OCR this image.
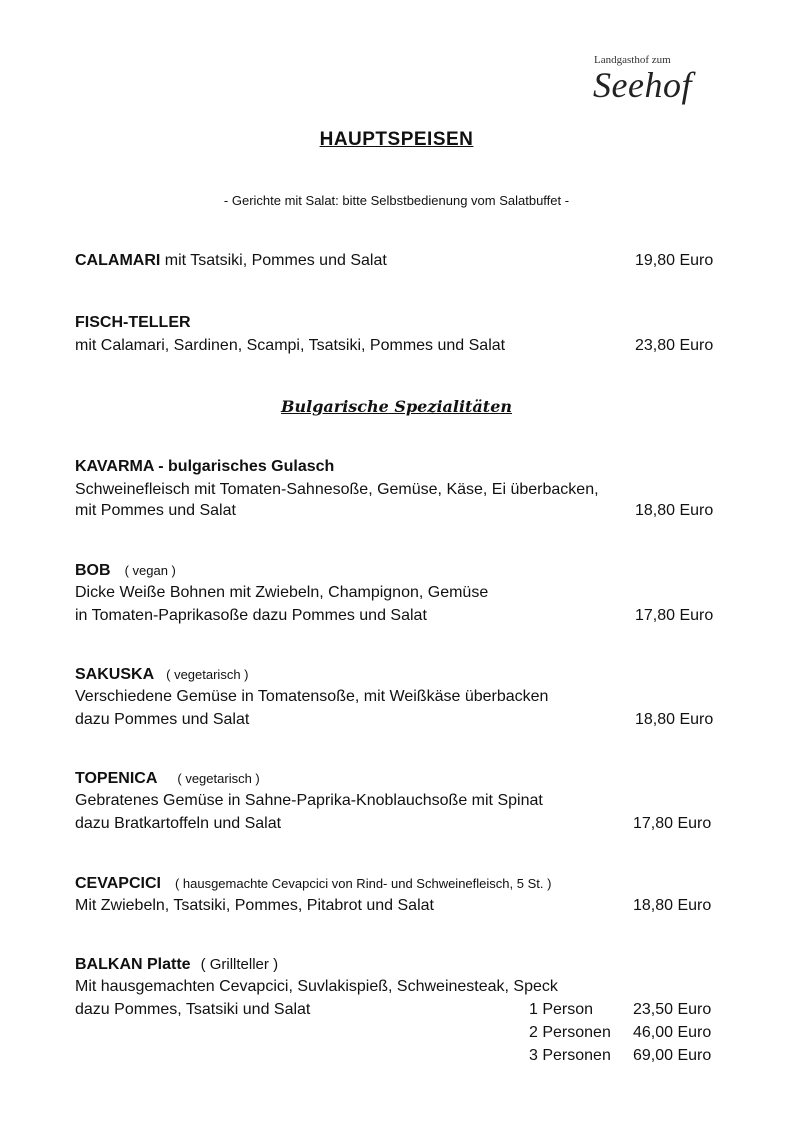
Landgasthof zum
Seehof
HAUPTSPEISEN
- Gerichte mit Salat: bitte Selbstbedienung vom Salatbuffet -
CALAMARI mit Tsatsiki, Pommes und Salat	19,80 Euro
FISCH-TELLER
mit Calamari, Sardinen, Scampi, Tsatsiki, Pommes und Salat	23,80 Euro
Bulgarische Spezialitäten
KAVARMA - bulgarisches Gulasch
Schweinefleisch mit Tomaten-Sahnesoße, Gemüse, Käse, Ei überbacken,
mit Pommes und Salat	18,80 Euro
BOB ( vegan )
Dicke Weiße Bohnen mit Zwiebeln, Champignon, Gemüse
in Tomaten-Paprikasoße dazu Pommes und Salat	17,80 Euro
SAKUSKA ( vegetarisch )
Verschiedene Gemüse in Tomatensoße, mit Weißkäse überbacken
dazu Pommes und Salat	18,80 Euro
TOPENICA ( vegetarisch )
Gebratenes Gemüse in Sahne-Paprika-Knoblauchsoße mit Spinat
dazu Bratkartoffeln und Salat	17,80 Euro
CEVAPCICI ( hausgemachte Cevapcici von Rind- und Schweinefleisch, 5 St. )
Mit Zwiebeln, Tsatsiki, Pommes, Pitabrot und Salat	18,80 Euro
BALKAN Platte ( Grillteller )
Mit hausgemachten Cevapcici, Suvlakispieß, Schweinesteak, Speck
dazu Pommes, Tsatsiki und Salat	1 Person 23,50 Euro
2 Personen 46,00 Euro
3 Personen 69,00 Euro
